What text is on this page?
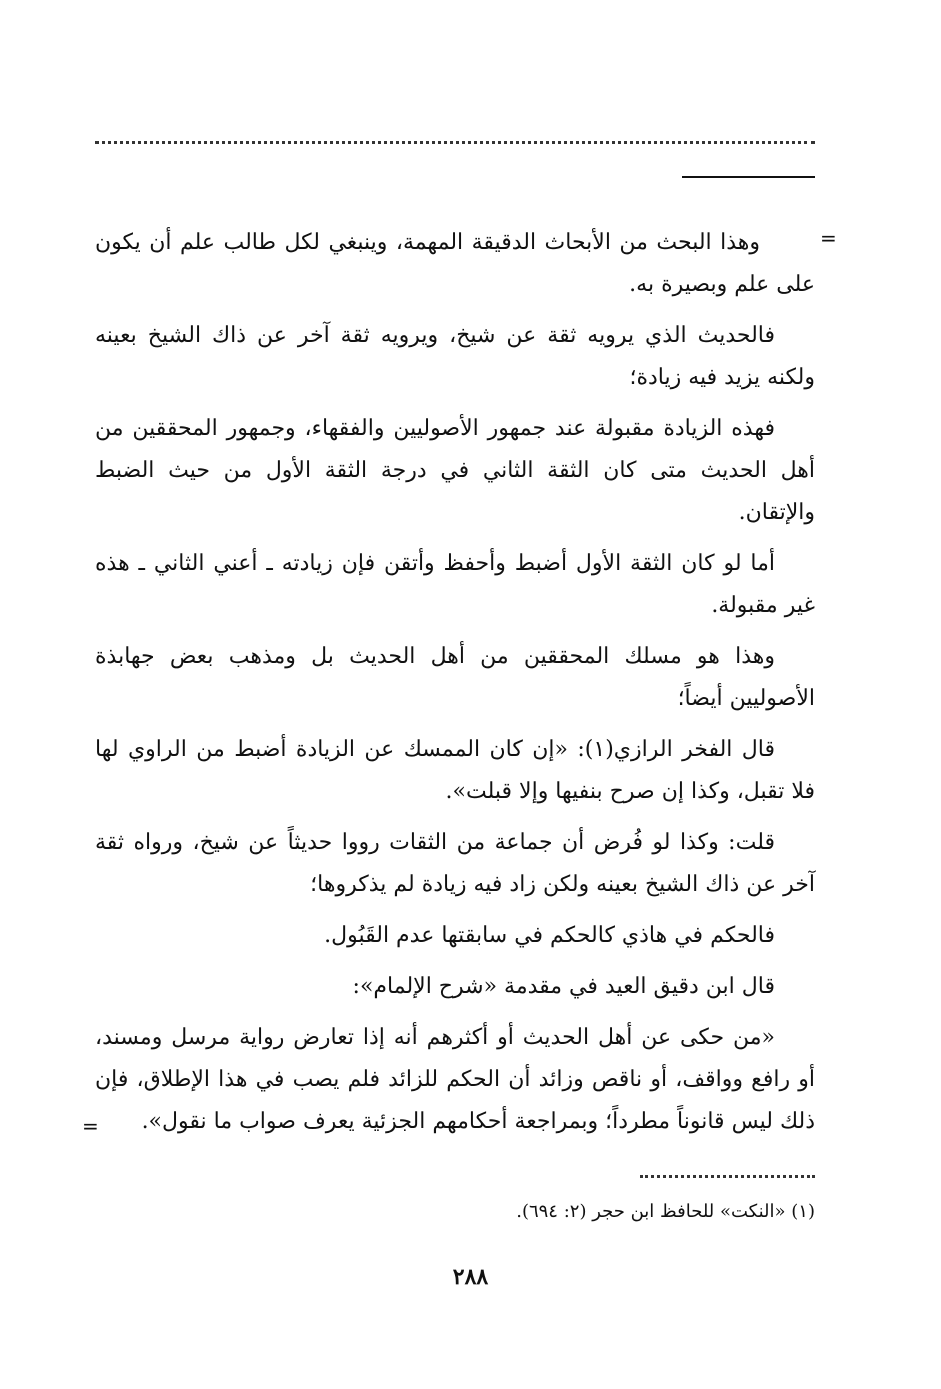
=

وهذا البحث من الأبحاث الدقيقة المهمة، وينبغي لكل طالب علم أن يكون على علم وبصيرة به.

فالحديث الذي يرويه ثقة عن شيخ، ويرويه ثقة آخر عن ذاك الشيخ بعينه ولكنه يزيد فيه زيادة؛

فهذه الزيادة مقبولة عند جمهور الأصوليين والفقهاء، وجمهور المحققين من أهل الحديث متى كان الثقة الثاني في درجة الثقة الأول من حيث الضبط والإتقان.

أما لو كان الثقة الأول أضبط وأحفظ وأتقن فإن زيادته ـ أعني الثاني ـ هذه غير مقبولة.

وهذا هو مسلك المحققين من أهل الحديث بل ومذهب بعض جهابذة الأصوليين أيضاً؛

قال الفخر الرازي(١): «إن كان الممسك عن الزيادة أضبط من الراوي لها فلا تقبل، وكذا إن صرح بنفيها وإلا قبلت».

قلت: وكذا لو فُرض أن جماعة من الثقات رووا حديثاً عن شيخ، ورواه ثقة آخر عن ذاك الشيخ بعينه ولكن زاد فيه زيادة لم يذكروها؛

فالحكم في هاذي كالحكم في سابقتها عدم القَبُول.

قال ابن دقيق العيد في مقدمة «شرح الإلمام»:

«من حكى عن أهل الحديث أو أكثرهم أنه إذا تعارض رواية مرسل ومسند، أو رافع وواقف، أو ناقص وزائد أن الحكم للزائد فلم يصب في هذا الإطلاق، فإن ذلك ليس قانوناً مطرداً؛ وبمراجعة أحكامهم الجزئية يعرف صواب ما نقول».

=
(١) «النكت» للحافظ ابن حجر (٢: ٦٩٤).
٢٨٨
